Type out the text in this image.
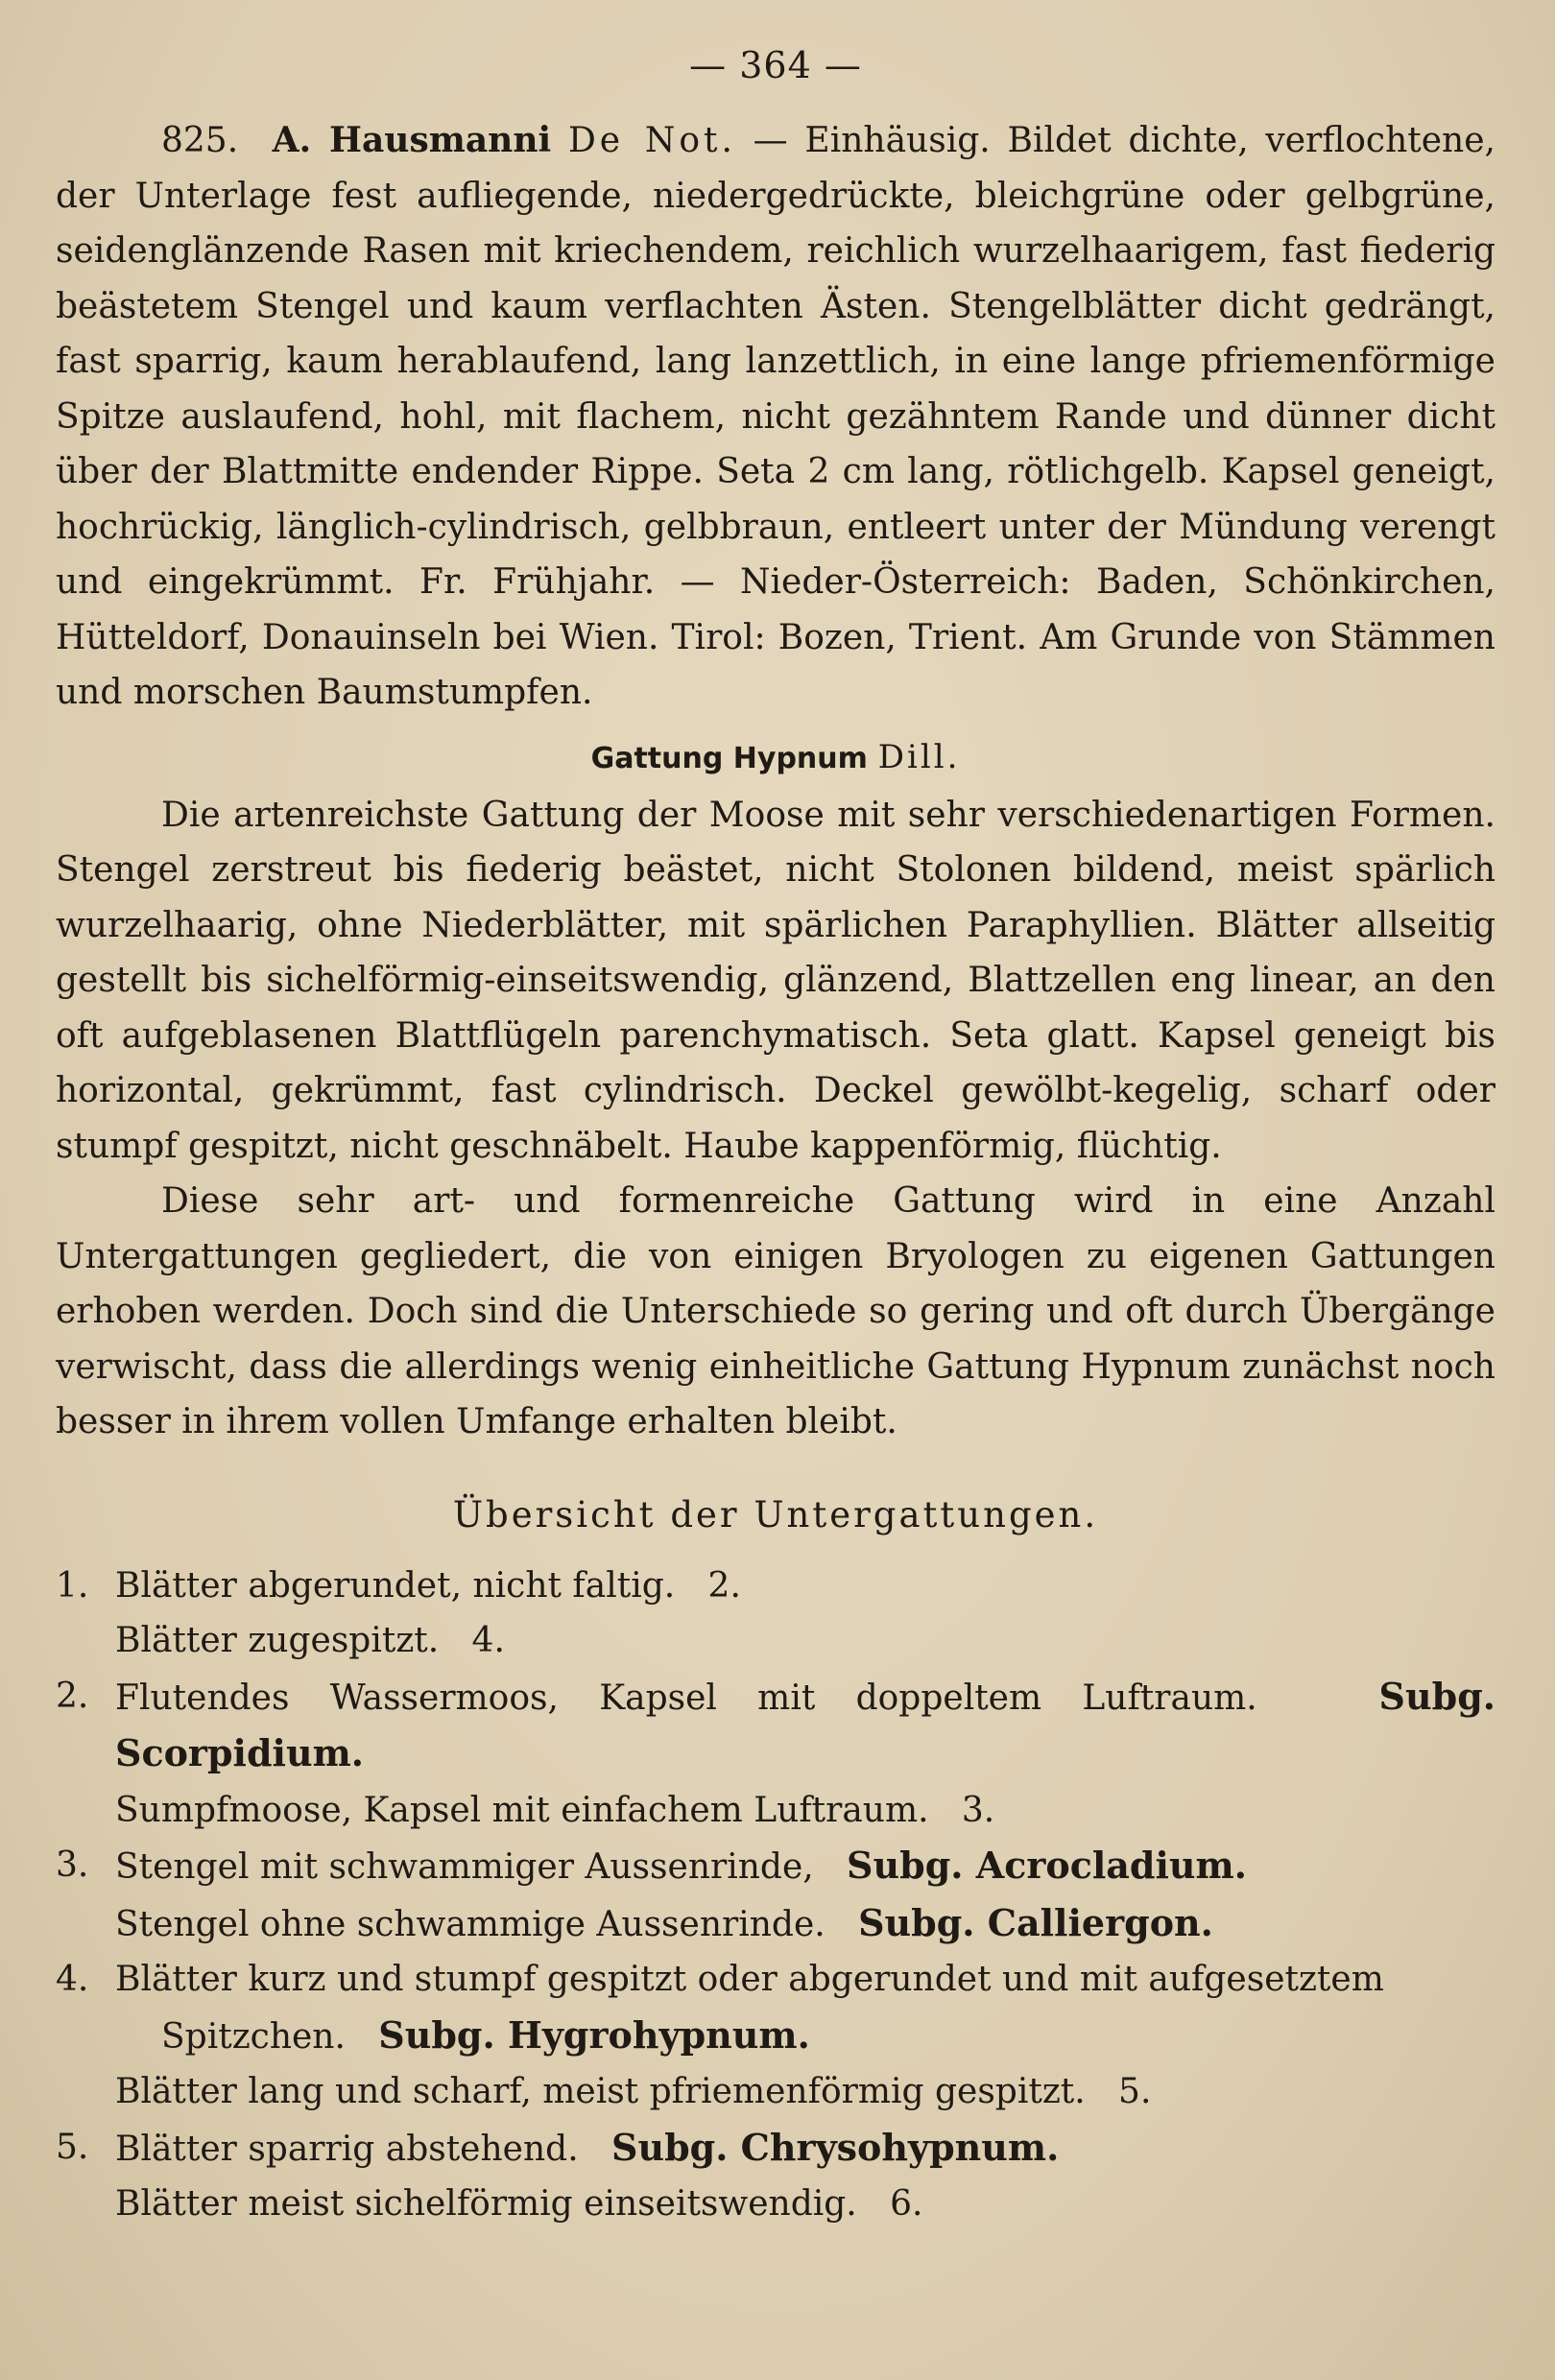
— 364 —

825. A. Hausmanni De Not. — Einhäusig. Bildet dichte, verflochtene, der Unterlage fest aufliegende, niedergedrückte, bleichgrüne oder gelbgrüne, seidenglänzende Rasen mit kriechendem, reichlich wurzelhaarigem, fast fiederig beästetem Stengel und kaum verflachten Ästen. Stengelblätter dicht gedrängt, fast sparrig, kaum herablaufend, lang lanzettlich, in eine lange pfriemenförmige Spitze auslaufend, hohl, mit flachem, nicht gezähntem Rande und dünner dicht über der Blattmitte endender Rippe. Seta 2 cm lang, rötlichgelb. Kapsel geneigt, hochrückig, länglich-cylindrisch, gelbbraun, entleert unter der Mündung verengt und eingekrümmt. Fr. Frühjahr. — Nieder-Österreich: Baden, Schönkirchen, Hütteldorf, Donauinseln bei Wien. Tirol: Bozen, Trient. Am Grunde von Stämmen und morschen Baumstumpfen.

Gattung Hypnum Dill.

Die artenreichste Gattung der Moose mit sehr verschiedenartigen Formen. Stengel zerstreut bis fiederig beästet, nicht Stolonen bildend, meist spärlich wurzelhaarig, ohne Niederblätter, mit spärlichen Paraphyllien. Blätter allseitig gestellt bis sichelförmig-einseitswendig, glänzend, Blattzellen eng linear, an den oft aufgeblasenen Blattflügeln parenchymatisch. Seta glatt. Kapsel geneigt bis horizontal, gekrümmt, fast cylindrisch. Deckel gewölbt-kegelig, scharf oder stumpf gespitzt, nicht geschnäbelt. Haube kappenförmig, flüchtig.

Diese sehr art- und formenreiche Gattung wird in eine Anzahl Untergattungen gegliedert, die von einigen Bryologen zu eigenen Gattungen erhoben werden. Doch sind die Unterschiede so gering und oft durch Übergänge verwischt, dass die allerdings wenig einheitliche Gattung Hypnum zunächst noch besser in ihrem vollen Umfange erhalten bleibt.

Übersicht der Untergattungen.
1. Blätter abgerundet, nicht faltig. 2.
Blätter zugespitzt. 4.
2. Flutendes Wassermoos, Kapsel mit doppeltem Luftraum.	Subg. Scorpidium.
Sumpfmoose, Kapsel mit einfachem Luftraum. 3.
3. Stengel mit schwammiger Aussenrinde, Subg. Acrocladium.
Stengel ohne schwammige Aussenrinde. Subg. Calliergon.
4. Blätter kurz und stumpf gespitzt oder abgerundet und mit aufgesetztem
Spitzchen. Subg. Hygrohypnum.
Blätter lang und scharf, meist pfriemenförmig gespitzt. 5.
5. Blätter sparrig abstehend. Subg. Chrysohypnum.
Blätter meist sichelförmig einseitswendig. 6.
